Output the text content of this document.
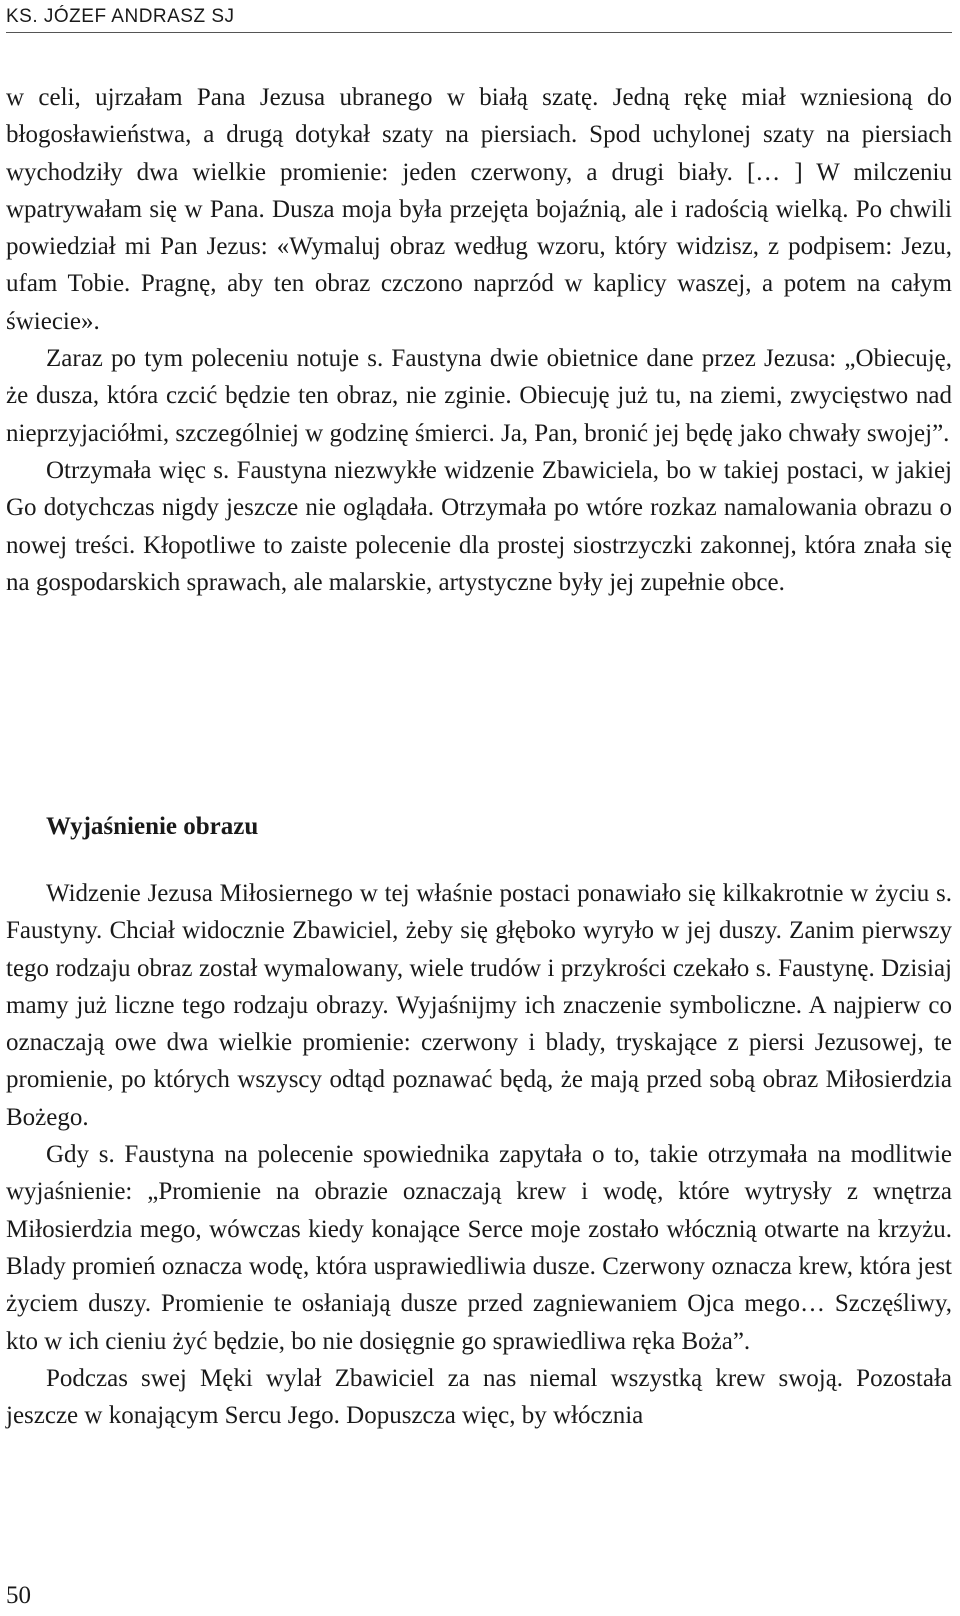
KS. JÓZEF ANDRASZ SJ

w celi, ujrzałam Pana Jezusa ubranego w białą szatę. Jedną rękę miał wzniesioną do błogosławieństwa, a drugą dotykał szaty na piersiach. Spod uchylonej szaty na piersiach wychodziły dwa wielkie promienie: jeden czerwony, a drugi biały. [… ] W milczeniu wpatrywałam się w Pana. Dusza moja była przejęta bojaźnią, ale i radością wielką. Po chwili powiedział mi Pan Jezus: «Wymaluj obraz według wzoru, który widzisz, z podpisem: Jezu, ufam Tobie. Pragnę, aby ten obraz czczono naprzód w kaplicy waszej, a potem na całym świecie».

Zaraz po tym poleceniu notuje s. Faustyna dwie obietnice dane przez Jezusa: „Obiecuję, że dusza, która czcić będzie ten obraz, nie zginie. Obiecuję już tu, na ziemi, zwycięstwo nad nieprzyjaciółmi, szczególniej w godzinę śmierci. Ja, Pan, bronić jej będę jako chwały swojej”.

Otrzymała więc s. Faustyna niezwykłe widzenie Zbawiciela, bo w takiej postaci, w jakiej Go dotychczas nigdy jeszcze nie oglądała. Otrzymała po wtóre rozkaz namalowania obrazu o nowej treści. Kłopotliwe to zaiste polecenie dla prostej siostrzyczki zakonnej, która znała się na gospodarskich sprawach, ale malarskie, artystyczne były jej zupełnie obce.

Wyjaśnienie obrazu

Widzenie Jezusa Miłosiernego w tej właśnie postaci ponawiało się kilkakrotnie w życiu s. Faustyny. Chciał widocznie Zbawiciel, żeby się głęboko wyryło w jej duszy. Zanim pierwszy tego rodzaju obraz został wymalowany, wiele trudów i przykrości czekało s. Faustynę. Dzisiaj mamy już liczne tego rodzaju obrazy. Wyjaśnijmy ich znaczenie symboliczne. A najpierw co oznaczają owe dwa wielkie promienie: czerwony i blady, tryskające z piersi Jezusowej, te promienie, po których wszyscy odtąd poznawać będą, że mają przed sobą obraz Miłosierdzia Bożego.

Gdy s. Faustyna na polecenie spowiednika zapytała o to, takie otrzymała na modlitwie wyjaśnienie: „Promienie na obrazie oznaczają krew i wodę, które wytrysły z wnętrza Miłosierdzia mego, wówczas kiedy konające Serce moje zostało włócznią otwarte na krzyżu. Blady promień oznacza wodę, która usprawiedliwia dusze. Czerwony oznacza krew, która jest życiem duszy. Promienie te osłaniają dusze przed zagniewaniem Ojca mego… Szczęśliwy, kto w ich cieniu żyć będzie, bo nie dosięgnie go sprawiedliwa ręka Boża”.

Podczas swej Męki wylał Zbawiciel za nas niemal wszystką krew swoją. Pozostała jeszcze w konającym Sercu Jego. Dopuszcza więc, by włócznia

50
